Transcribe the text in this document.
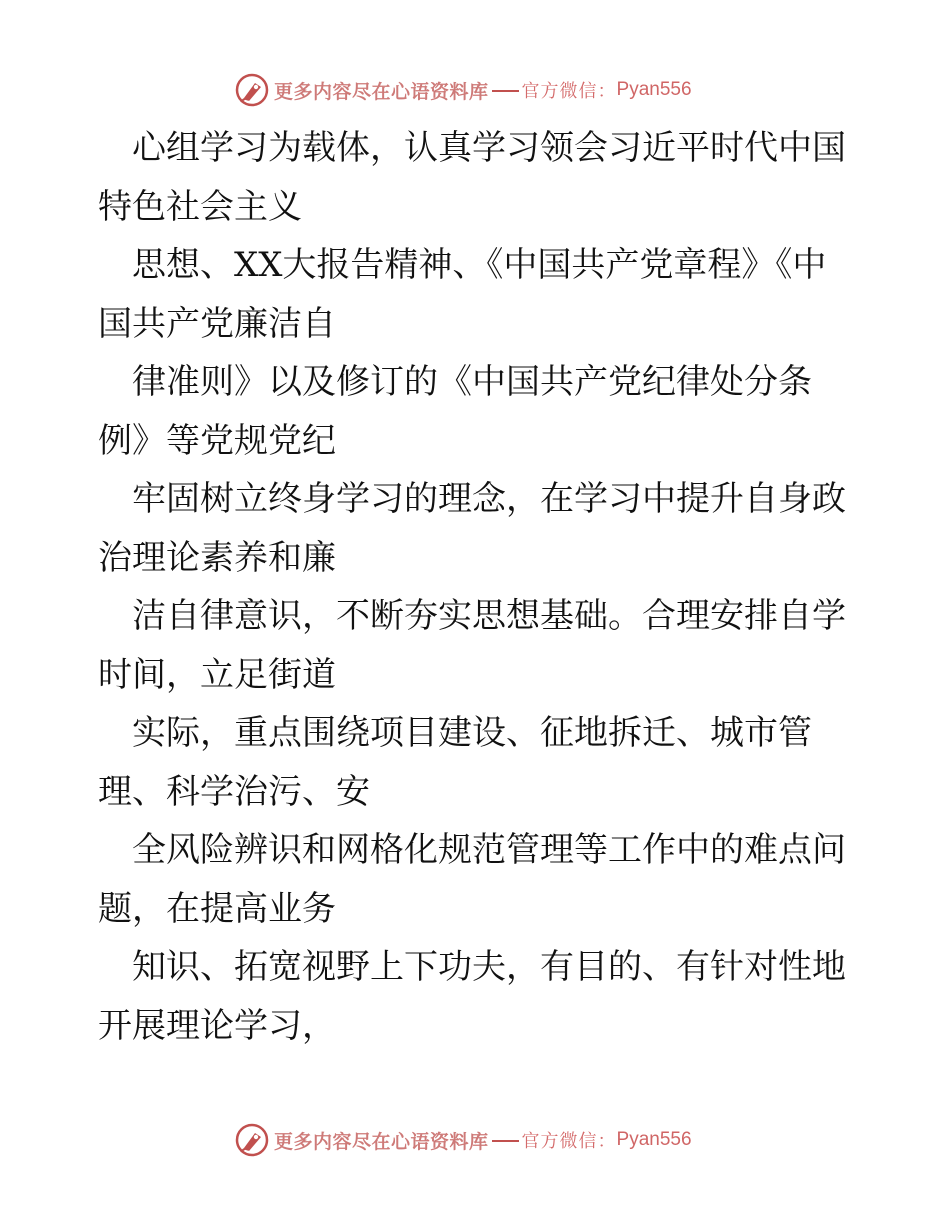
更多内容尽在心语资料库 官方微信： Pyan556

心组学习为载体，认真学习领会习近平时代中国特色社会主义

思想、XX大报告精神、《中国共产党章程》《中国共产党廉洁自

律准则》以及修订的《中国共产党纪律处分条例》等党规党纪

牢固树立终身学习的理念，在学习中提升自身政治理论素养和廉

洁自律意识，不断夯实思想基础。合理安排自学时间，立足街道

实际，重点围绕项目建设、征地拆迁、城市管理、科学治污、安

全风险辨识和网格化规范管理等工作中的难点问题，在提高业务

知识、拓宽视野上下功夫，有目的、有针对性地开展理论学习，

更多内容尽在心语资料库 官方微信： Pyan556
